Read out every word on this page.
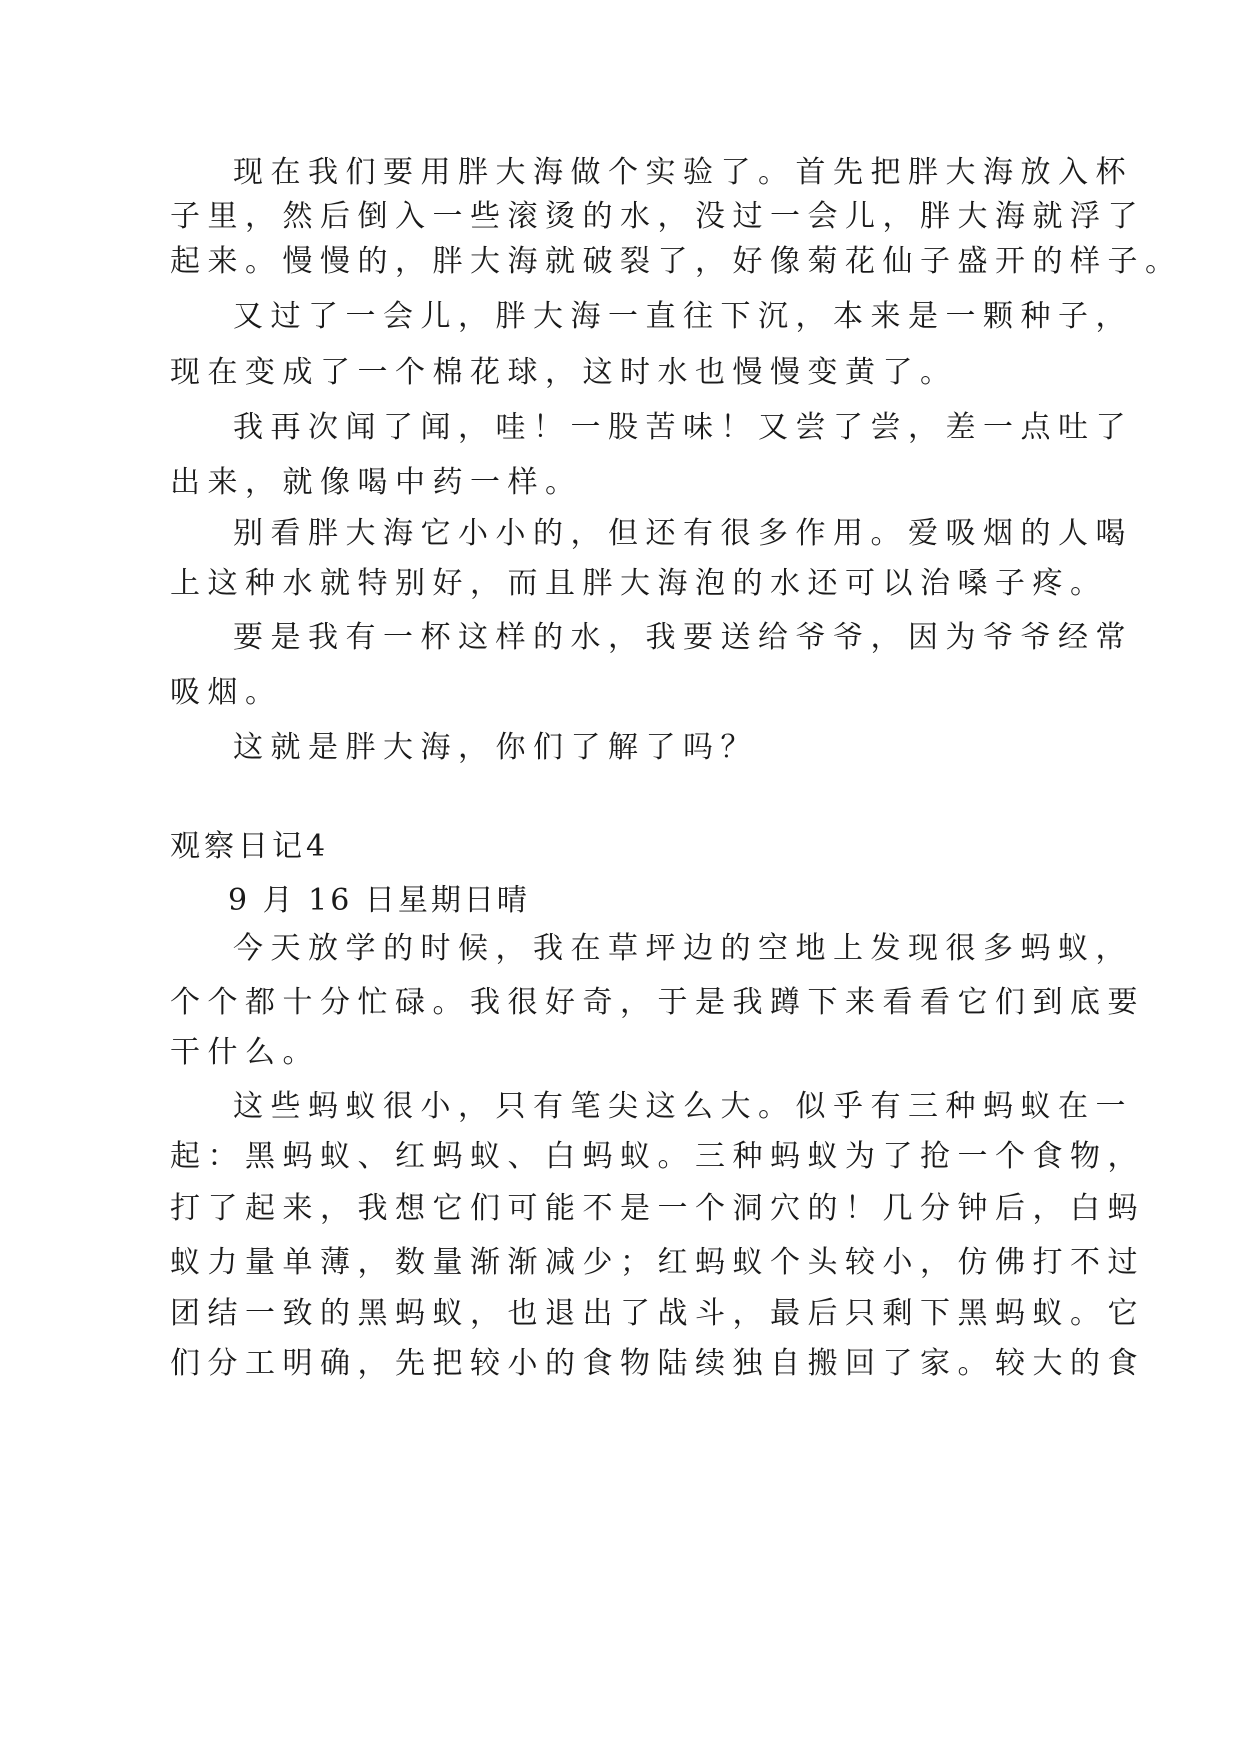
现在我们要用胖大海做个实验了。首先把胖大海放入杯
子里，然后倒入一些滚烫的水，没过一会儿，胖大海就浮了
起来。慢慢的，胖大海就破裂了，好像菊花仙子盛开的样子。
又过了一会儿，胖大海一直往下沉，本来是一颗种子，
现在变成了一个棉花球，这时水也慢慢变黄了。
我再次闻了闻，哇！一股苦味！又尝了尝，差一点吐了
出来，就像喝中药一样。
别看胖大海它小小的，但还有很多作用。爱吸烟的人喝
上这种水就特别好，而且胖大海泡的水还可以治嗓子疼。
要是我有一杯这样的水，我要送给爷爷，因为爷爷经常
吸烟。
这就是胖大海，你们了解了吗？
观察日记4
9 月 16 日星期日晴
今天放学的时候，我在草坪边的空地上发现很多蚂蚁，
个个都十分忙碌。我很好奇，于是我蹲下来看看它们到底要
干什么。
这些蚂蚁很小，只有笔尖这么大。似乎有三种蚂蚁在一
起：黑蚂蚁、红蚂蚁、白蚂蚁。三种蚂蚁为了抢一个食物，
打了起来，我想它们可能不是一个洞穴的！几分钟后，白蚂
蚁力量单薄，数量渐渐减少；红蚂蚁个头较小，仿佛打不过
团结一致的黑蚂蚁，也退出了战斗，最后只剩下黑蚂蚁。它
们分工明确，先把较小的食物陆续独自搬回了家。较大的食
